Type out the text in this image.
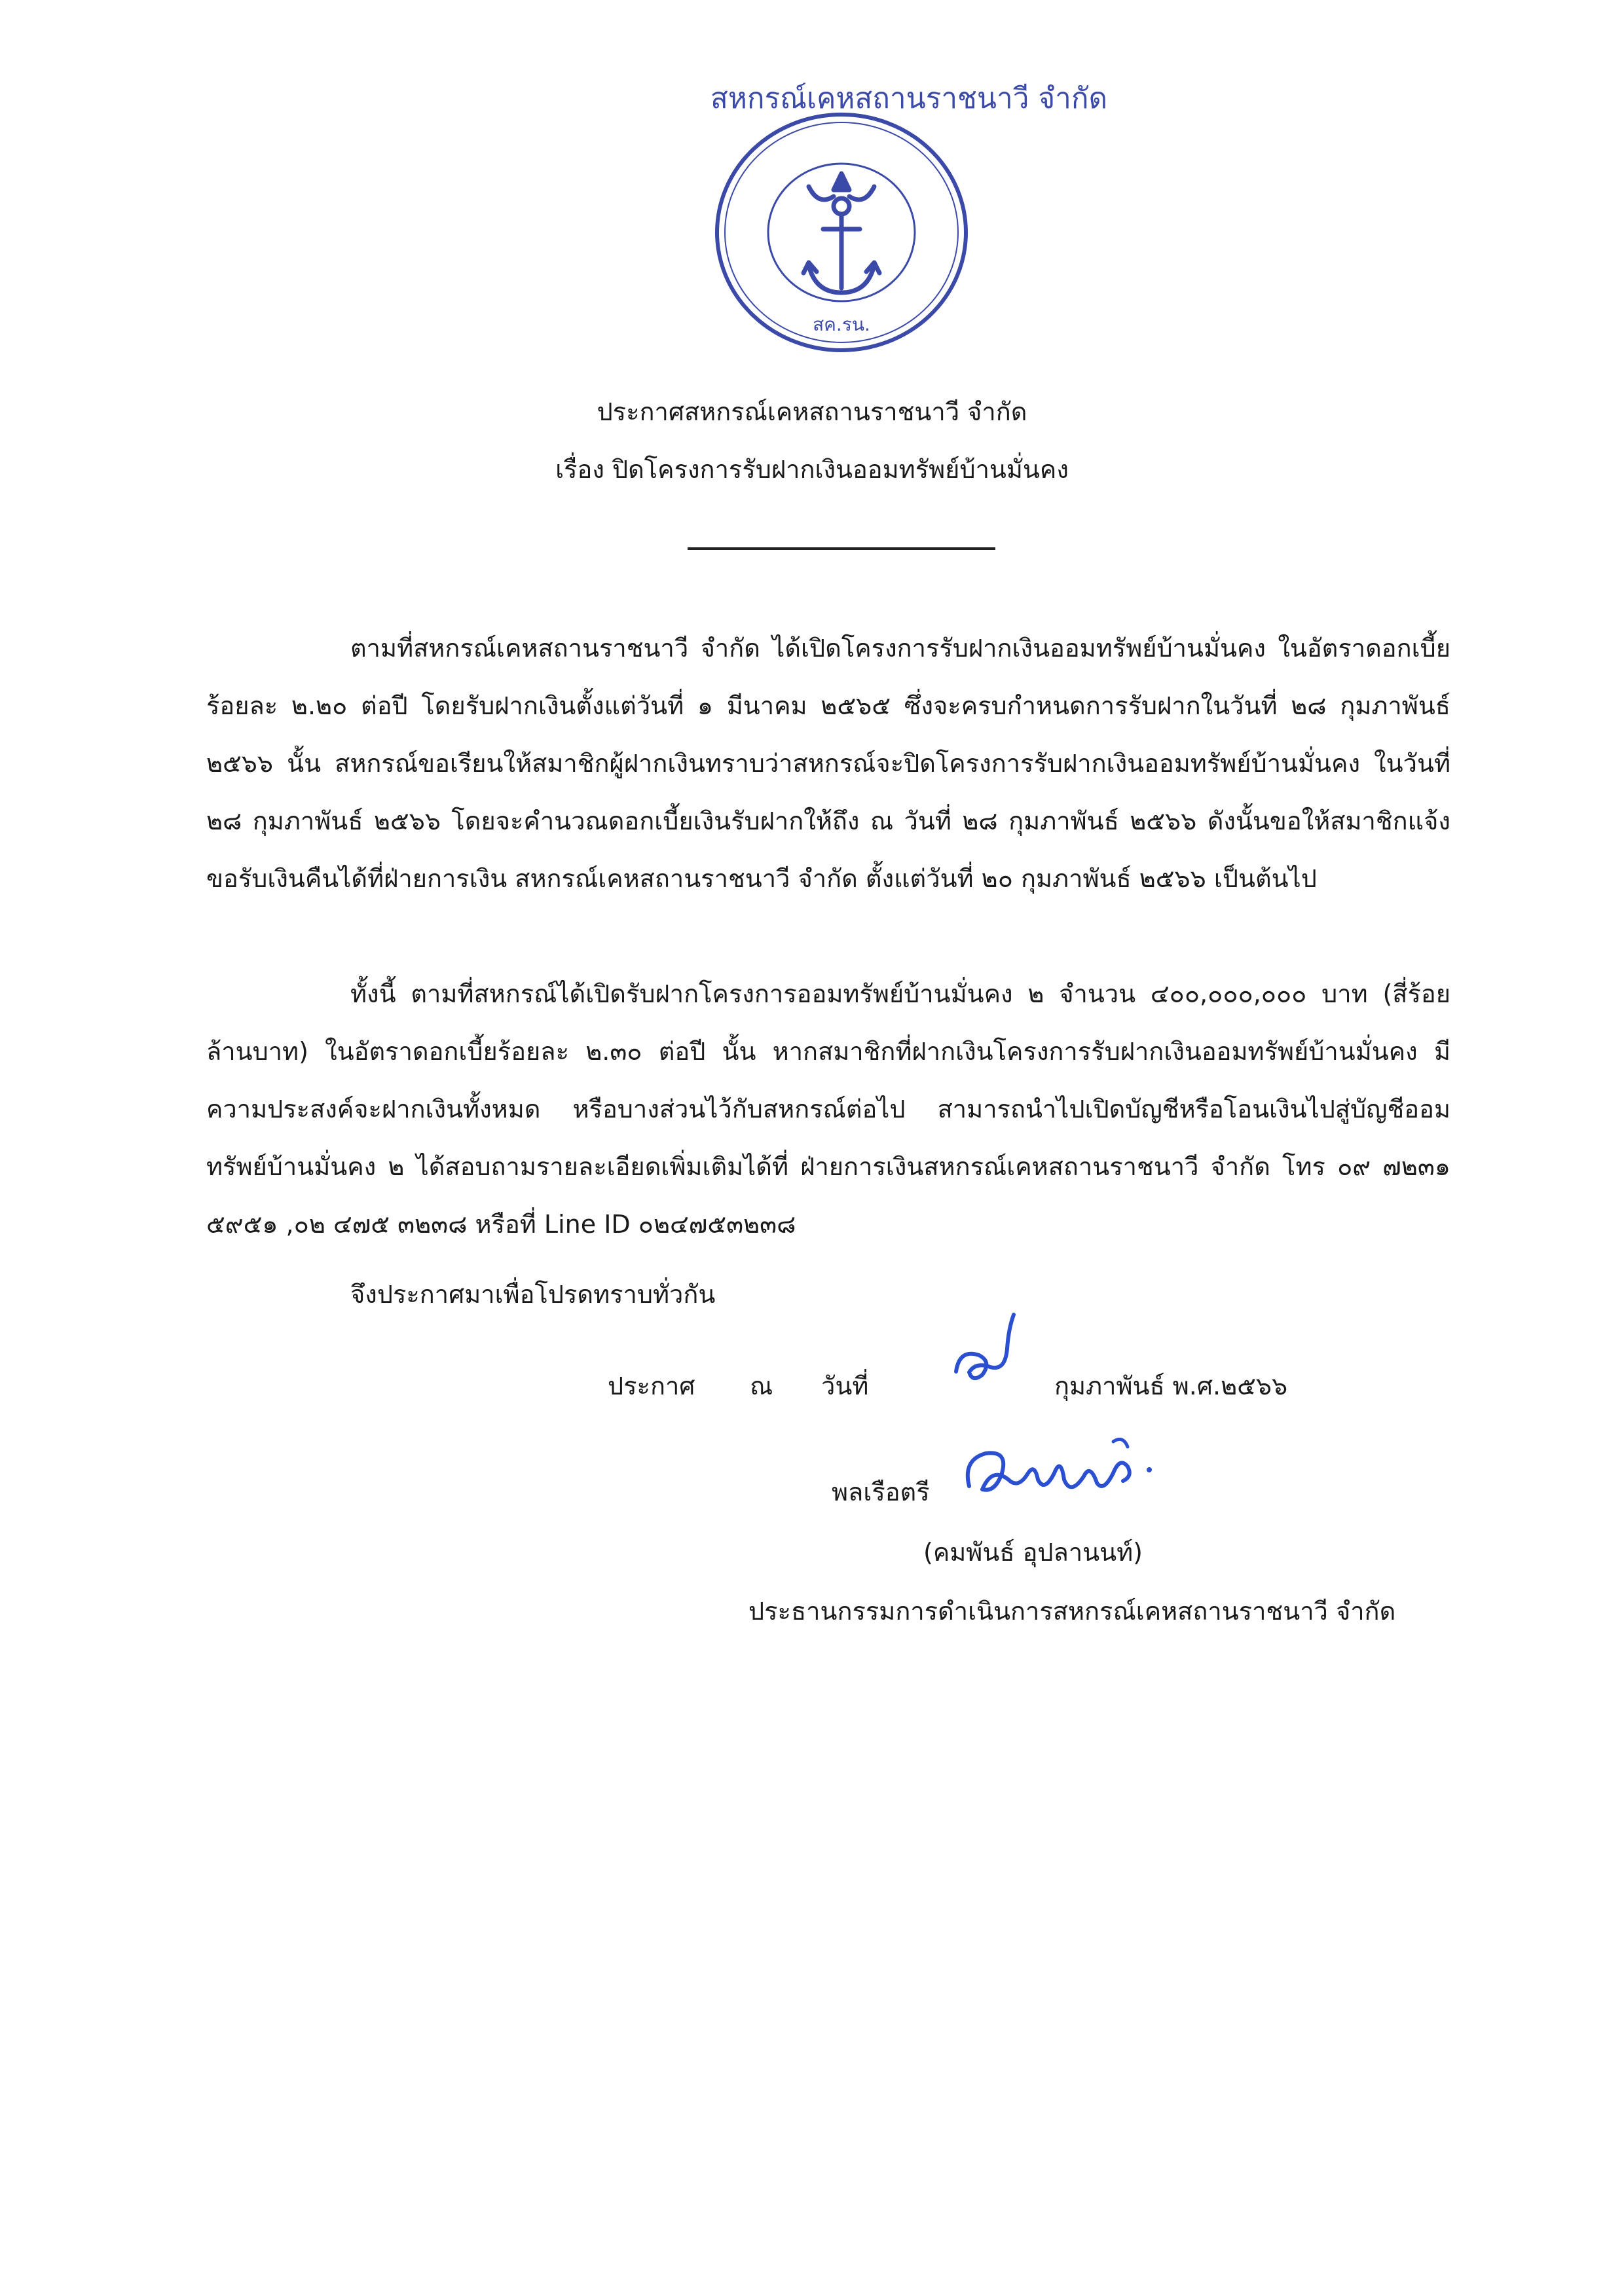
สหกรณ์เคหสถานราชนาวี จำกัด
สค.รน.
ประกาศสหกรณ์เคหสถานราชนาวี จำกัด
เรื่อง ปิดโครงการรับฝากเงินออมทรัพย์บ้านมั่นคง

ตามที่สหกรณ์เคหสถานราชนาวี จำกัด ได้เปิดโครงการรับฝากเงินออมทรัพย์บ้านมั่นคง ในอัตราดอกเบี้ยร้อยละ ๒.๒๐ ต่อปี โดยรับฝากเงินตั้งแต่วันที่ ๑ มีนาคม ๒๕๖๕ ซึ่งจะครบกำหนดการรับฝากในวันที่ ๒๘ กุมภาพันธ์ ๒๕๖๖ นั้น สหกรณ์ขอเรียนให้สมาชิกผู้ฝากเงินทราบว่าสหกรณ์จะปิดโครงการรับฝากเงินออมทรัพย์บ้านมั่นคง ในวันที่ ๒๘ กุมภาพันธ์ ๒๕๖๖ โดยจะคำนวณดอกเบี้ยเงินรับฝากให้ถึง ณ วันที่ ๒๘ กุมภาพันธ์ ๒๕๖๖ ดังนั้นขอให้สมาชิกแจ้งขอรับเงินคืนได้ที่ฝ่ายการเงิน สหกรณ์เคหสถานราชนาวี จำกัด ตั้งแต่วันที่ ๒๐ กุมภาพันธ์ ๒๕๖๖ เป็นต้นไป

ทั้งนี้ ตามที่สหกรณ์ได้เปิดรับฝากโครงการออมทรัพย์บ้านมั่นคง ๒ จำนวน ๔๐๐,๐๐๐,๐๐๐ บาท (สี่ร้อยล้านบาท) ในอัตราดอกเบี้ยร้อยละ ๒.๓๐ ต่อปี นั้น หากสมาชิกที่ฝากเงินโครงการรับฝากเงินออมทรัพย์บ้านมั่นคง มีความประสงค์จะฝากเงินทั้งหมด หรือบางส่วนไว้กับสหกรณ์ต่อไป สามารถนำไปเปิดบัญชีหรือโอนเงินไปสู่บัญชีออมทรัพย์บ้านมั่นคง ๒ ได้สอบถามรายละเอียดเพิ่มเติมได้ที่ ฝ่ายการเงินสหกรณ์เคหสถานราชนาวี จำกัด โทร ๐๙ ๗๒๓๑ ๕๙๕๑ ,๐๒ ๔๗๕ ๓๒๓๘ หรือที่ Line ID ๐๒๔๗๕๓๒๓๘

จึงประกาศมาเพื่อโปรดทราบทั่วกัน
ประกาศ ณ วันที่	กุมภาพันธ์ พ.ศ.๒๕๖๖
พลเรือตรี
(คมพันธ์ อุปลานนท์)
ประธานกรรมการดำเนินการสหกรณ์เคหสถานราชนาวี จำกัด
